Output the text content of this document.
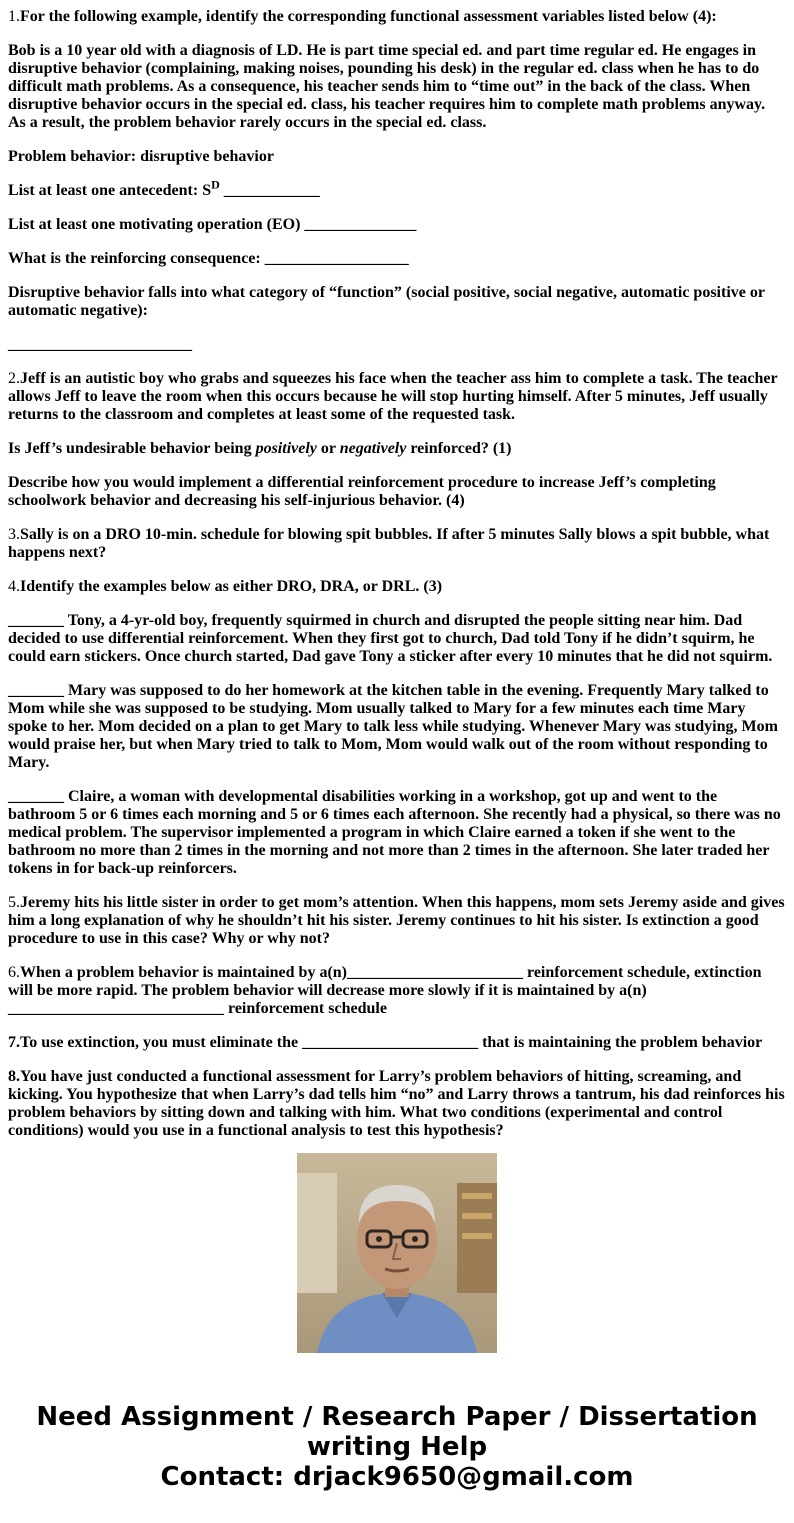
1.For the following example, identify the corresponding functional assessment variables listed below (4):

Bob is a 10 year old with a diagnosis of LD. He is part time special ed. and part time regular ed. He engages in disruptive behavior (complaining, making noises, pounding his desk) in the regular ed. class when he has to do difficult math problems. As a consequence, his teacher sends him to “time out” in the back of the class. When disruptive behavior occurs in the special ed. class, his teacher requires him to complete math problems anyway. As a result, the problem behavior rarely occurs in the special ed. class.

Problem behavior: disruptive behavior

List at least one antecedent: $S^D$ ____________

List at least one motivating operation (EO) ______________

What is the reinforcing consequence: __________________

Disruptive behavior falls into what category of “function” (social positive, social negative, automatic positive or automatic negative):

_______________________

2.Jeff is an autistic boy who grabs and squeezes his face when the teacher ass him to complete a task. The teacher allows Jeff to leave the room when this occurs because he will stop hurting himself. After 5 minutes, Jeff usually returns to the classroom and completes at least some of the requested task.

Is Jeff’s undesirable behavior being positively or negatively reinforced? (1)

Describe how you would implement a differential reinforcement procedure to increase Jeff’s completing schoolwork behavior and decreasing his self-injurious behavior. (4)

3.Sally is on a DRO 10-min. schedule for blowing spit bubbles. If after 5 minutes Sally blows a spit bubble, what happens next?

4.Identify the examples below as either DRO, DRA, or DRL. (3)

_______ Tony, a 4-yr-old boy, frequently squirmed in church and disrupted the people sitting near him. Dad decided to use differential reinforcement. When they first got to church, Dad told Tony if he didn’t squirm, he could earn stickers. Once church started, Dad gave Tony a sticker after every 10 minutes that he did not squirm.

_______ Mary was supposed to do her homework at the kitchen table in the evening. Frequently Mary talked to Mom while she was supposed to be studying. Mom usually talked to Mary for a few minutes each time Mary spoke to her. Mom decided on a plan to get Mary to talk less while studying. Whenever Mary was studying, Mom would praise her, but when Mary tried to talk to Mom, Mom would walk out of the room without responding to Mary.

_______ Claire, a woman with developmental disabilities working in a workshop, got up and went to the bathroom 5 or 6 times each morning and 5 or 6 times each afternoon. She recently had a physical, so there was no medical problem. The supervisor implemented a program in which Claire earned a token if she went to the bathroom no more than 2 times in the morning and not more than 2 times in the afternoon. She later traded her tokens in for back-up reinforcers.

5.Jeremy hits his little sister in order to get mom’s attention. When this happens, mom sets Jeremy aside and gives him a long explanation of why he shouldn’t hit his sister. Jeremy continues to hit his sister. Is extinction a good procedure to use in this case? Why or why not?

6.When a problem behavior is maintained by a(n)______________________ reinforcement schedule, extinction will be more rapid. The problem behavior will decrease more slowly if it is maintained by a(n) ___________________________ reinforcement schedule

7.To use extinction, you must eliminate the ______________________ that is maintaining the problem behavior

8.You have just conducted a functional assessment for Larry’s problem behaviors of hitting, screaming, and kicking. You hypothesize that when Larry’s dad tells him “no” and Larry throws a tantrum, his dad reinforces his problem behaviors by sitting down and talking with him. What two conditions (experimental and control conditions) would you use in a functional analysis to test this hypothesis?

Need Assignment / Research Paper / Dissertation
writing Help
Contact: drjack9650@gmail.com
